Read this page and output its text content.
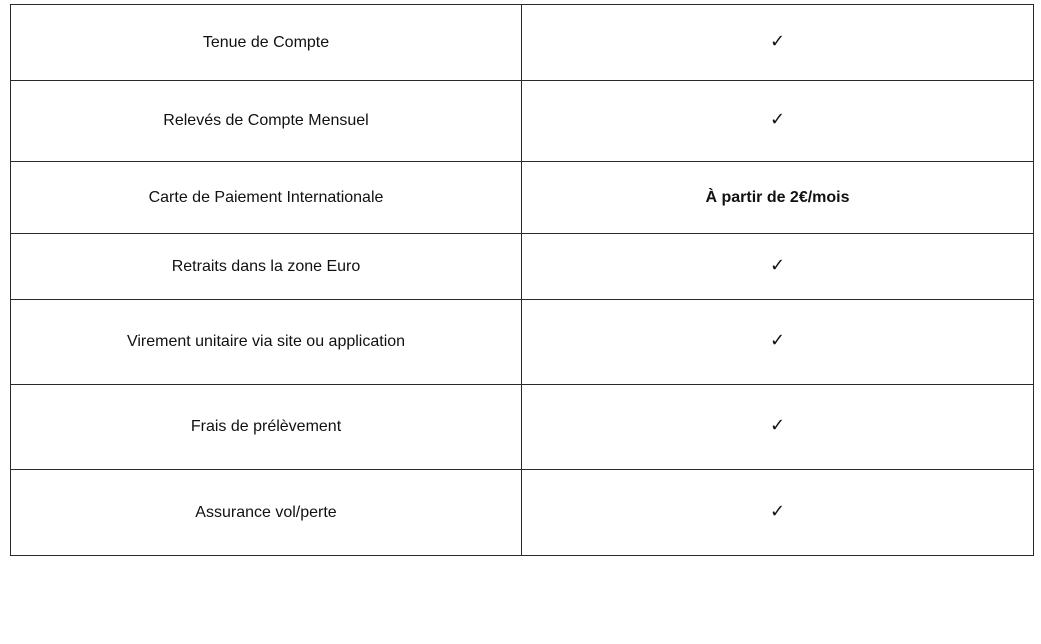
Tenue de Compte	✓
Relevés de Compte Mensuel	✓
Carte de Paiement Internationale	À partir de 2€/mois
Retraits dans la zone Euro	✓
Virement unitaire via site ou application	✓
Frais de prélèvement	✓
Assurance vol/perte	✓
